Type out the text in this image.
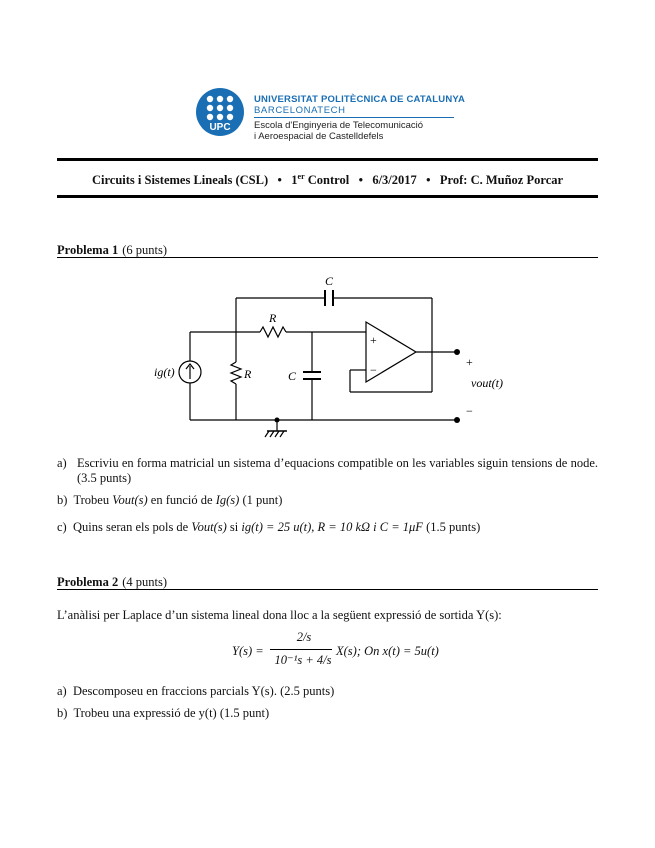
UPC
UNIVERSITAT POLITÈCNICA DE CATALUNYA
BARCELONATECH
Escola d'Enginyeria de Telecomunicació
i Aeroespacial de Castelldefels
Circuits i Sistemes Lineals (CSL) • 1er Control • 6/3/2017 • Prof: C. Muñoz Porcar
Problema 1 (6 punts)
C
R
R	C
ig(t)
+
−
+
−
vout(t)
a) Escriviu en forma matricial un sistema d’equacions compatible on les variables siguin tensions de node. (3.5 punts)
b) Trobeu Vout(s) en funció de Ig(s) (1 punt)
c) Quins seran els pols de Vout(s) si ig(t) = 25 u(t), R = 10 kΩ i C = 1μF (1.5 punts)
Problema 2 (4 punts)
L’anàlisi per Laplace d’un sistema lineal dona lloc a la següent expressió de sortida Y(s):
Y(s) =
2/s
10⁻¹s + 4/s
X(s); On x(t) = 5u(t)
a) Descomposeu en fraccions parcials Y(s). (2.5 punts)
b) Trobeu una expressió de y(t) (1.5 punt)
